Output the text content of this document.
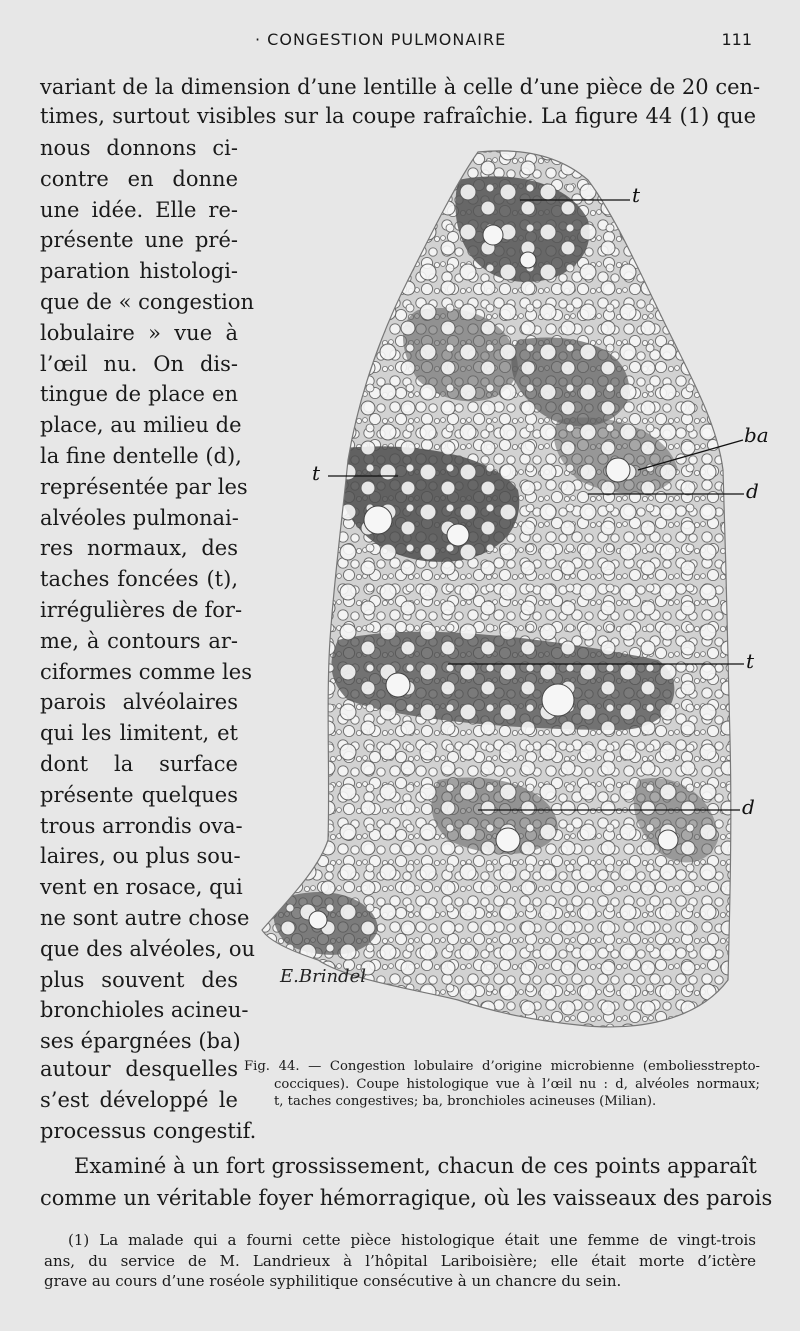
· CONGESTION PULMONAIRE	111
variant de la dimension d’une lentille à celle d’une pièce de 20 cen-
times, surtout visibles sur la coupe rafraîchie. La figure 44 (1) que
nous donnons ci-
contre en donne
une idée. Elle re-
présente une pré-
paration histologi-
que de « congestion
lobulaire » vue à
l’œil nu. On dis-
tingue de place en
place, au milieu de
la fine dentelle (d),
représentée par les
alvéoles pulmonai-
res normaux, des
taches foncées (t),
irrégulières de for-
me, à contours ar-
ciformes comme les
parois alvéolaires
qui les limitent, et
dont la surface
présente quelques
trous arrondis ova-
laires, ou plus sou-
vent en rosace, qui
ne sont autre chose
que des alvéoles, ou
plus souvent des
bronchioles acineu-
ses épargnées (ba)
t
t
ba
d
t
d
E.Brindel
autour desquelles
s’est développé le
processus congestif.
Fig. 44. — Congestion lobulaire d’origine microbienne (emboliesstrepto-
cocciques). Coupe histologique vue à l’œil nu : d, alvéoles normaux;
t, taches congestives; ba, bronchioles acineuses (Milian).
Examiné à un fort grossissement, chacun de ces points apparaît
comme un véritable foyer hémorragique, où les vaisseaux des parois
(1) La malade qui a fourni cette pièce histologique était une femme de vingt-trois
ans, du service de M. Landrieux à l’hôpital Lariboisière; elle était morte d’ictère
grave au cours d’une roséole syphilitique consécutive à un chancre du sein.
